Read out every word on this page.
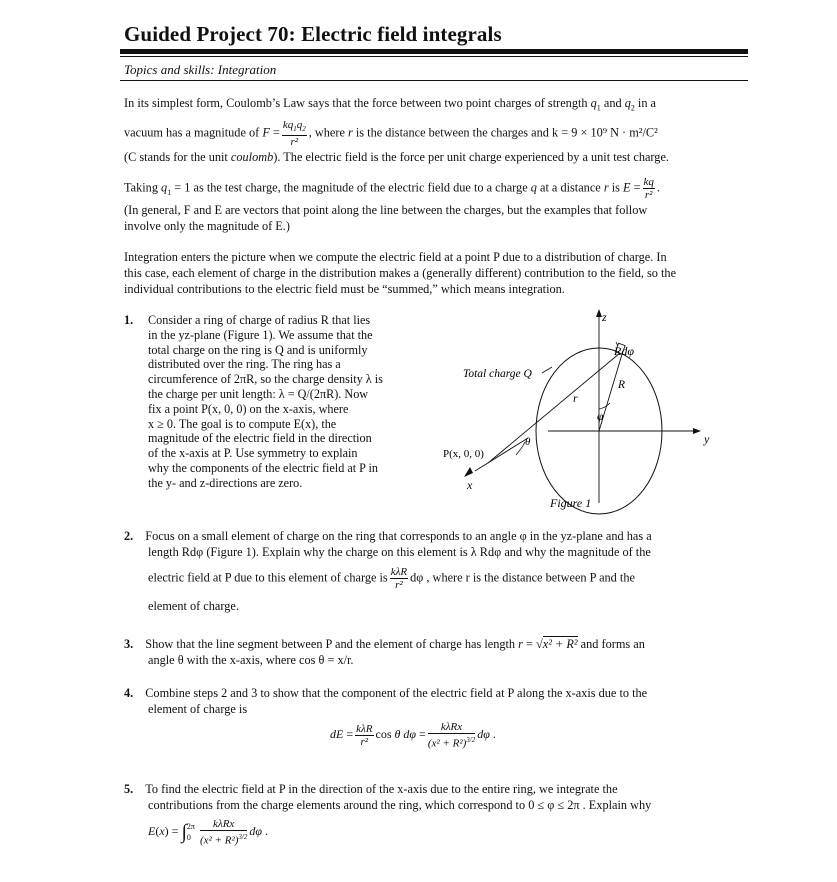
Guided Project 70: Electric field integrals
Topics and skills: Integration
In its simplest form, Coulomb’s Law says that the force between two point charges of strength $q_1$ and $q_2$ in a
vacuum has a magnitude of $F = \frac{kq_1q_2}{\text{r²}}$ , where r is the distance between the charges and k = 9 × 10⁹ N · m²/C²
(C stands for the unit coulomb). The electric field is the force per unit charge experienced by a unit test charge.
Taking $q_1 = 1$ as the test charge, the magnitude of the electric field due to a charge q at a distance r is $E = \frac{kq}{\text{r²}}$ .
(In general, F and E are vectors that point along the line between the charges, but the examples that follow
involve only the magnitude of E.)
Integration enters the picture when we compute the electric field at a point P due to a distribution of charge. In
this case, each element of charge in the distribution makes a (generally different) contribution to the field, so the
individual contributions to the electric field must be “summed,” which means integration.
1. Consider a ring of charge of radius R that lies
in the yz-plane (Figure 1). We assume that the
total charge on the ring is Q and is uniformly
distributed over the ring. The ring has a
circumference of 2πR, so the charge density λ is
the charge per unit length: λ = Q/(2πR). Now
fix a point P(x, 0, 0) on the x-axis, where
x ≥ 0. The goal is to compute E(x), the
magnitude of the electric field in the direction
of the x-axis at P. Use symmetry to explain
why the components of the electric field at P in
the y- and z-directions are zero.
z
y
x
Total charge Q
Rdφ
R
r
φ
θ
P(x, 0, 0)
Figure 1
2. Focus on a small element of charge on the ring that corresponds to an angle φ in the yz-plane and has a
length Rdφ (Figure 1). Explain why the charge on this element is λ Rdφ and why the magnitude of the
electric field at P due to this element of charge is $\frac{\text{kλR}}{\text{r²}}$ dφ , where r is the distance between P and the
element of charge.
3. Show that the line segment between P and the element of charge has length r = √x² + R² and forms an
angle θ with the x-axis, where cos θ = x/r.
4. Combine steps 2 and 3 to show that the component of the electric field at P along the x-axis due to the
element of charge is
dE = $\frac{\text{kλR}}{\text{r²}}$ cos θ $d\varphi = \frac{\text{kλRx}}{(x^2 + R^2)^{3/2}}$ dφ .
5. To find the electric field at P in the direction of the x-axis due to the entire ring, we integrate the
contributions from the charge elements around the ring, which correspond to 0 ≤ φ ≤ 2π . Explain why
E(x) = ∫ 2π
$0 \frac{\text{kλRx}}{(x^2 + R^2)^{3/2}}$ dφ .
